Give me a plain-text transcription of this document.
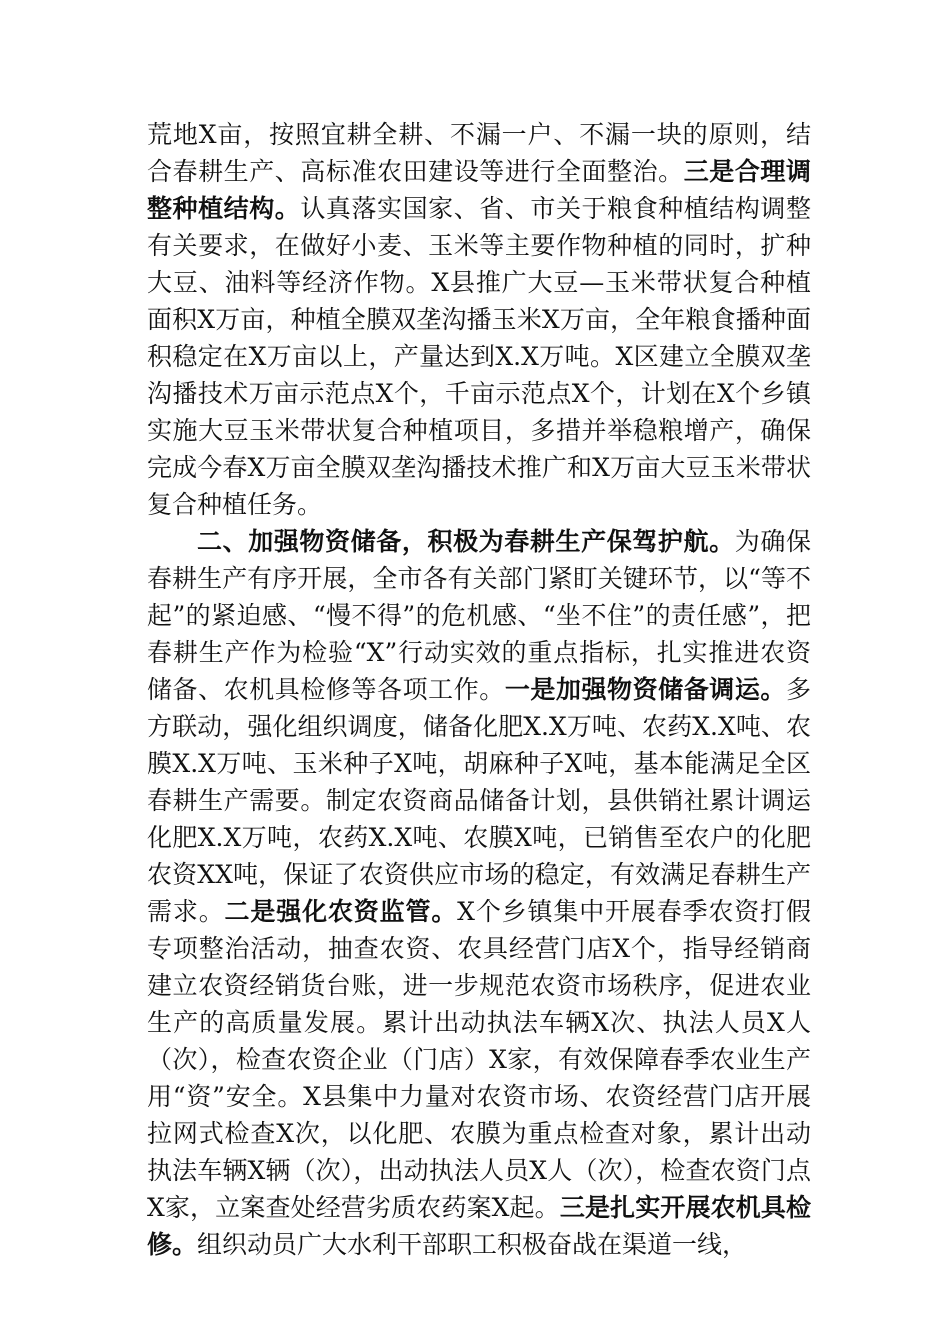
荒地X亩，按照宜耕全耕、不漏一户、不漏一块的原则，结合春耕生产、高标准农田建设等进行全面整治。三是合理调整种植结构。认真落实国家、省、市关于粮食种植结构调整有关要求，在做好小麦、玉米等主要作物种植的同时，扩种大豆、油料等经济作物。X县推广大豆—玉米带状复合种植面积X万亩，种植全膜双垄沟播玉米X万亩，全年粮食播种面积稳定在X万亩以上，产量达到X.X万吨。X区建立全膜双垄沟播技术万亩示范点X个，千亩示范点X个，计划在X个乡镇实施大豆玉米带状复合种植项目，多措并举稳粮增产，确保完成今春X万亩全膜双垄沟播技术推广和X万亩大豆玉米带状复合种植任务。

二、加强物资储备，积极为春耕生产保驾护航。为确保春耕生产有序开展，全市各有关部门紧盯关键环节，以“等不起”的紧迫感、“慢不得”的危机感、“坐不住”的责任感”，把春耕生产作为检验“X”行动实效的重点指标，扎实推进农资储备、农机具检修等各项工作。一是加强物资储备调运。多方联动，强化组织调度，储备化肥X.X万吨、农药X.X吨、农膜X.X万吨、玉米种子X吨，胡麻种子X吨，基本能满足全区春耕生产需要。制定农资商品储备计划，县供销社累计调运化肥X.X万吨，农药X.X吨、农膜X吨，已销售至农户的化肥农资XX吨，保证了农资供应市场的稳定，有效满足春耕生产需求。二是强化农资监管。X个乡镇集中开展春季农资打假专项整治活动，抽查农资、农具经营门店X个，指导经销商建立农资经销货台账，进一步规范农资市场秩序，促进农业生产的高质量发展。累计出动执法车辆X次、执法人员X人（次），检查农资企业（门店）X家，有效保障春季农业生产用“资”安全。X县集中力量对农资市场、农资经营门店开展拉网式检查X次，以化肥、农膜为重点检查对象，累计出动执法车辆X辆（次），出动执法人员X人（次），检查农资门点X家，立案查处经营劣质农药案X起。三是扎实开展农机具检修。组织动员广大水利干部职工积极奋战在渠道一线，
